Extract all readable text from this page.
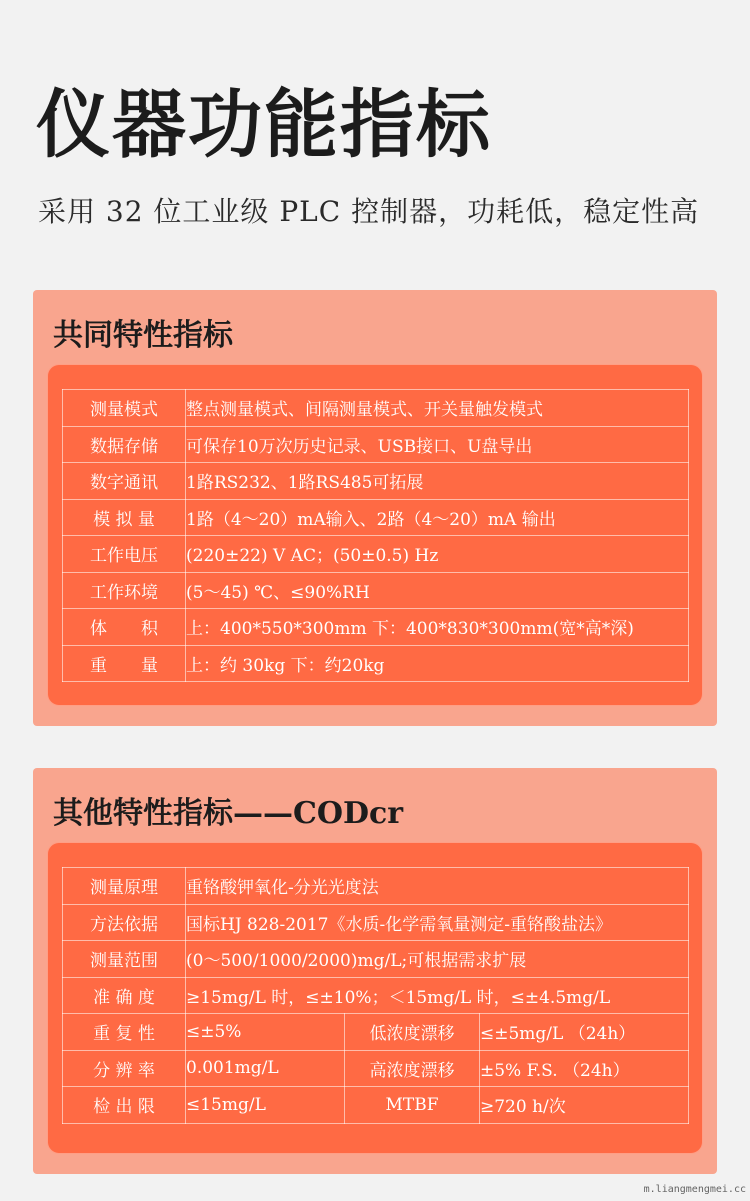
仪器功能指标
采用 32 位工业级 PLC 控制器，功耗低，稳定性高
共同特性指标
测量模式	整点测量模式、间隔测量模式、开关量触发模式
数据存储	可保存10万次历史记录、USB接口、U盘导出
数字通讯	1路RS232、1路RS485可拓展
模 拟 量	1路（4～20）mA输入、2路（4～20）mA 输出
工作电压	(220±22) V AC；(50±0.5) Hz
工作环境	(5～45) ℃、≤90%RH
体　　积	上：400*550*300mm 下：400*830*300mm(宽*高*深)
重　　量	上：约 30kg 下：约20kg
其他特性指标——CODcr
测量原理	重铬酸钾氧化-分光光度法		
方法依据	国标HJ 828-2017《水质-化学需氧量测定-重铬酸盐法》		
测量范围	(0～500/1000/2000)mg/L;可根据需求扩展		
准 确 度	≥15mg/L 时，≤±10%；＜15mg/L 时，≤±4.5mg/L		
重 复 性	≤±5%	低浓度漂移	≤±5mg/L （24h）
分 辨 率	0.001mg/L	高浓度漂移	±5% F.S. （24h）
检 出 限	≤15mg/L	MTBF	≥720 h/次
m.liangmengmei.cc
